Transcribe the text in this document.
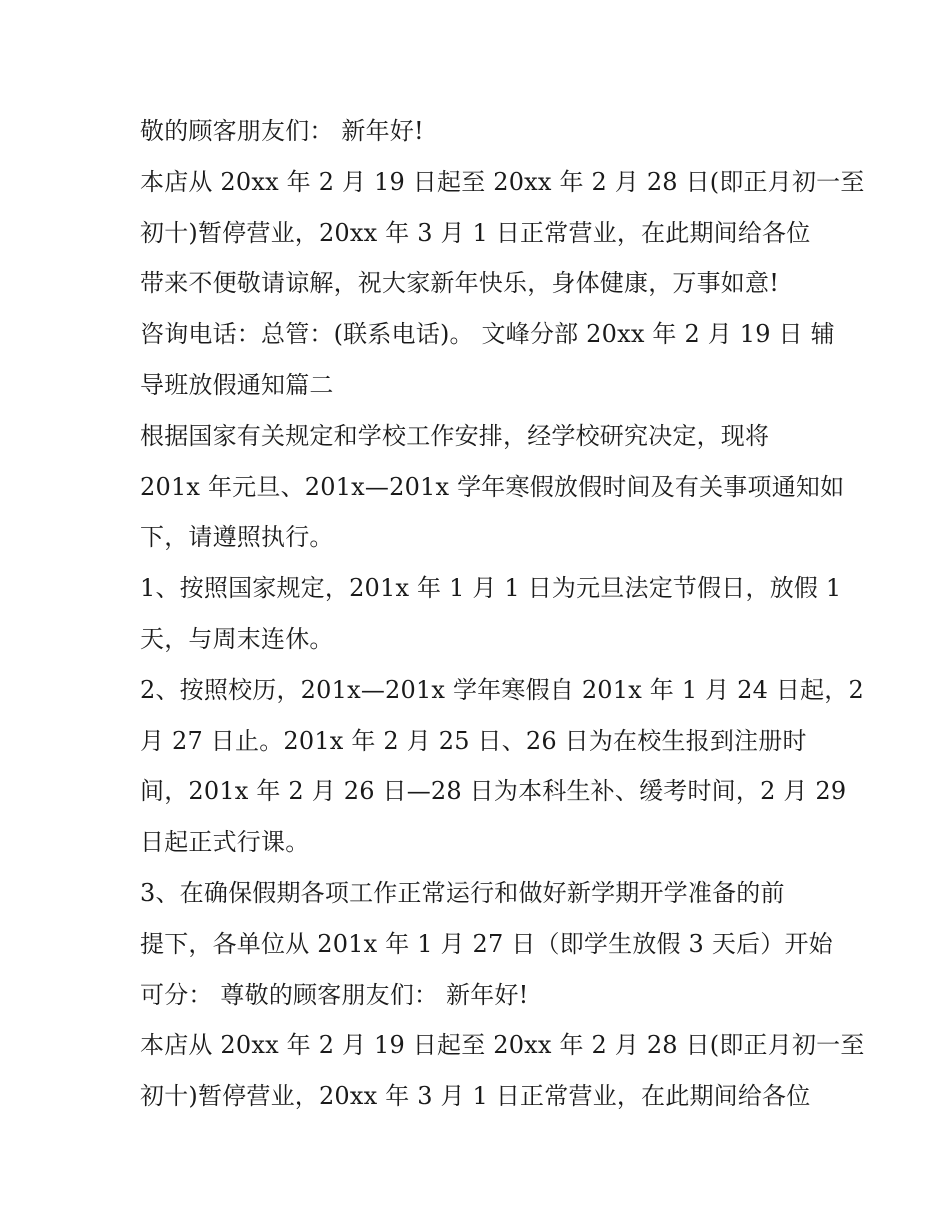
敬的顾客朋友们： 新年好!
本店从 20xx 年 2 月 19 日起至 20xx 年 2 月 28 日(即正月初一至
初十)暂停营业，20xx 年 3 月 1 日正常营业，在此期间给各位
带来不便敬请谅解，祝大家新年快乐，身体健康，万事如意!
咨询电话：总管：(联系电话)。 文峰分部 20xx 年 2 月 19 日 辅
导班放假通知篇二
根据国家有关规定和学校工作安排，经学校研究决定，现将
201x 年元旦、201x—201x 学年寒假放假时间及有关事项通知如
下，请遵照执行。
1、按照国家规定，201x 年 1 月 1 日为元旦法定节假日，放假 1
天，与周末连休。
2、按照校历，201x—201x 学年寒假自 201x 年 1 月 24 日起，2
月 27 日止。201x 年 2 月 25 日、26 日为在校生报到注册时
间，201x 年 2 月 26 日—28 日为本科生补、缓考时间，2 月 29
日起正式行课。
3、在确保假期各项工作正常运行和做好新学期开学准备的前
提下，各单位从 201x 年 1 月 27 日（即学生放假 3 天后）开始
可分： 尊敬的顾客朋友们： 新年好!
本店从 20xx 年 2 月 19 日起至 20xx 年 2 月 28 日(即正月初一至
初十)暂停营业，20xx 年 3 月 1 日正常营业，在此期间给各位
